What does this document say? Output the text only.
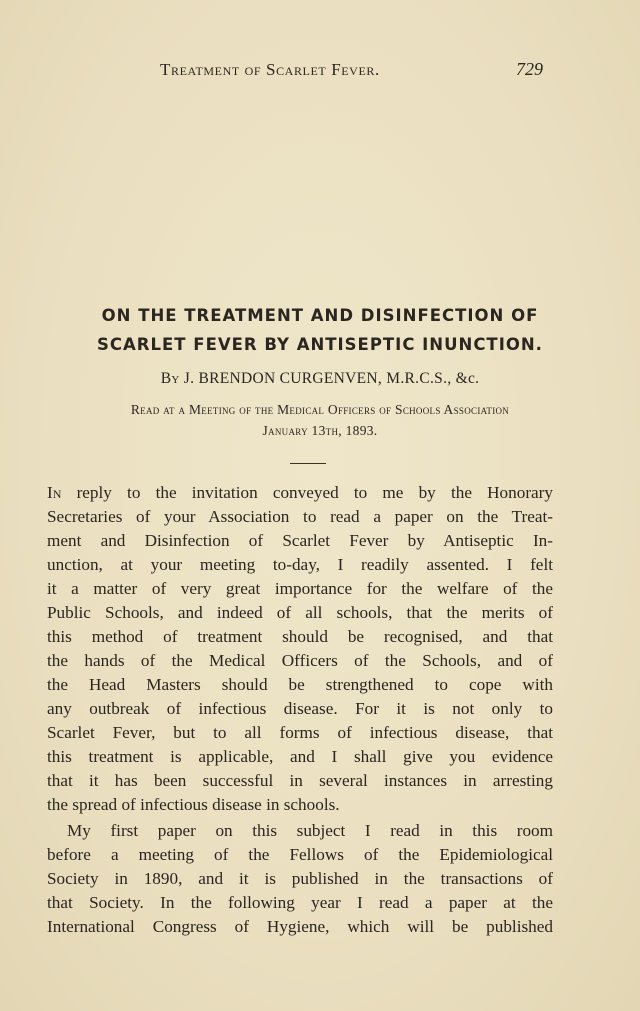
Treatment of Scarlet Fever.	729
ON THE TREATMENT AND DISINFECTION OF
SCARLET FEVER BY ANTISEPTIC INUNCTION.
By J. BRENDON CURGENVEN, M.R.C.S., &c.
Read at a Meeting of the Medical Officers of Schools Association
January 13th, 1893.
In reply to the invitation conveyed to me by the Honorary
Secretaries of your Association to read a paper on the Treat-
ment and Disinfection of Scarlet Fever by Antiseptic In-
unction, at your meeting to-day, I readily assented. I felt
it a matter of very great importance for the welfare of the
Public Schools, and indeed of all schools, that the merits of
this method of treatment should be recognised, and that
the hands of the Medical Officers of the Schools, and of
the Head Masters should be strengthened to cope with
any outbreak of infectious disease. For it is not only to
Scarlet Fever, but to all forms of infectious disease, that
this treatment is applicable, and I shall give you evidence
that it has been successful in several instances in arresting
the spread of infectious disease in schools.
My first paper on this subject I read in this room
before a meeting of the Fellows of the Epidemiological
Society in 1890, and it is published in the transactions of
that Society. In the following year I read a paper at the
International Congress of Hygiene, which will be published
